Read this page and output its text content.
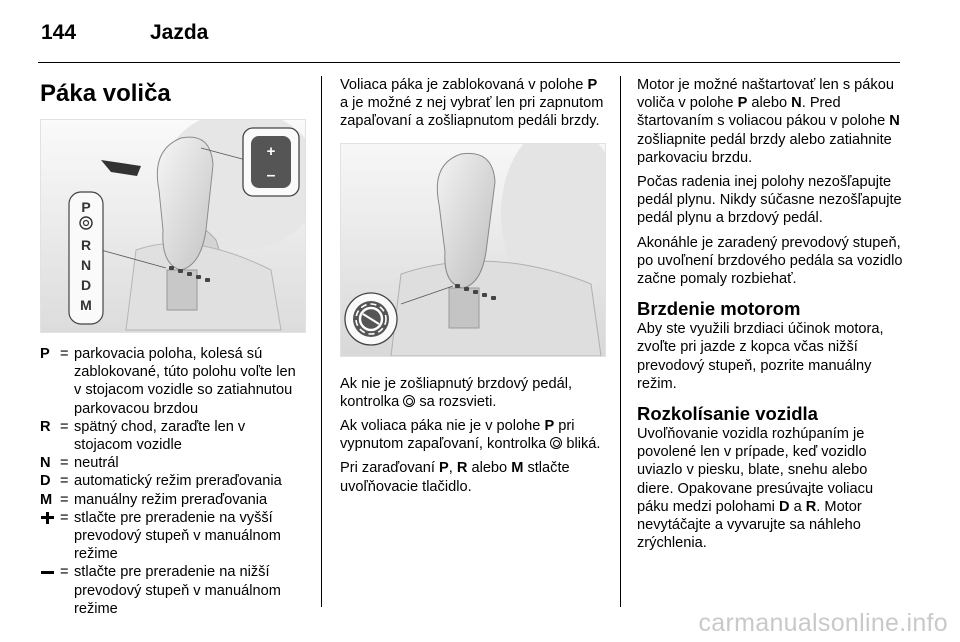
144	Jazda
Páka voliča
+
–
P
R
N
D
M
P = parkovacia poloha, kolesá sú zablokované, túto polohu voľte len v stojacom vozidle so zatiahnutou parkovacou brzdou
R = spätný chod, zaraďte len v stojacom vozidle
N = neutrál
D = automatický režim preraďovania
M = manuálny režim preraďovania
= stlačte pre preradenie na vyšší prevodový stupeň v manuálnom režime
= stlačte pre preradenie na nižší prevodový stupeň v manuálnom režime

Voliaca páka je zablokovaná v polohe P a je možné z nej vybrať len pri zapnutom zapaľovaní a zošliapnutom pedáli brzdy.

Ak nie je zošliapnutý brzdový pedál, kontrolka  sa rozsvieti.

Ak voliaca páka nie je v polohe P pri vypnutom zapaľovaní, kontrolka  bliká.

Pri zaraďovaní P, R alebo M stlačte uvoľňovacie tlačidlo.

Motor je možné naštartovať len s pákou voliča v polohe P alebo N. Pred štartovaním s voliacou pákou v polohe N zošliapnite pedál brzdy alebo zatiahnite parkovaciu brzdu.

Počas radenia inej polohy nezošľapujte pedál plynu. Nikdy súčasne nezošľapujte pedál plynu a brzdový pedál.

Akonáhle je zaradený prevodový stupeň, po uvoľnení brzdového pedála sa vozidlo začne pomaly rozbiehať.

Brzdenie motorom

Aby ste využili brzdiaci účinok motora, zvoľte pri jazde z kopca včas nižší prevodový stupeň, pozrite manuálny režim.

Rozkolísanie vozidla

Uvoľňovanie vozidla rozhúpaním je povolené len v prípade, keď vozidlo uviazlo v piesku, blate, snehu alebo diere. Opakovane presúvajte voliacu páku medzi polohami D a R. Motor nevytáčajte a vyvarujte sa náhleho zrýchlenia.

carmanualsonline.info
